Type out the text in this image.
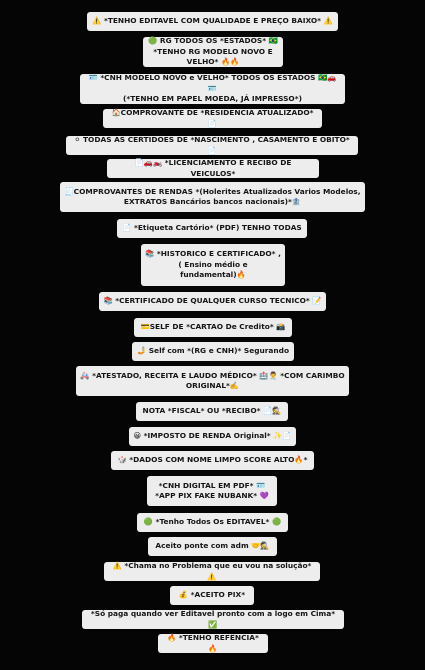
⚠️ *TENHO EDITAVEL COM QUALIDADE E PREÇO BAIXO* ⚠️
🟢 RG TODOS OS *ESTADOS* 🇧🇷
*TENHO RG MODELO NOVO E VELHO* 🔥🔥
🪪 *CNH MODELO NOVO e VELHO* TODOS OS ESTADOS 🇧🇷🚗🪪
(*TENHO EM PAPEL MOEDA, JÁ IMPRESSO*)
🏠COMPROVANTE DE *RESIDENCIA ATUALIZADO*📄
⚪ TODAS AS CERTIDÕES DE *NASCIMENTO , CASAMENTO E OBITO* 📄
📄🚗🏍️ *LICENCIAMENTO E RECIBO DE VEICULOS*
🧾COMPROVANTES DE RENDAS *(Holerites Atualizados Varios Modelos,
EXTRATOS Bancários bancos nacionais)*🏦
📄 *Etiqueta Cartório* (PDF) TENHO TODAS
📚 *HISTORICO E CERTIFICADO* ,
( Ensino médio e
fundamental)🔥
📚 *CERTIFICADO DE QUALQUER CURSO TECNICO* 📝
💳SELF DE *CARTAO De Credito* 📸
🤳 Self com *(RG e CNH)* Segurando
🚑 *ATESTADO, RECEITA E LAUDO MÉDICO* 🏥👨‍⚕️ *COM CARIMBO
ORIGINAL*✍️
NOTA *FISCAL* OU *RECIBO* 📄🕵️
😀 *IMPOSTO DE RENDA Original* ✨📄
🎲 *DADOS COM NOME LIMPO SCORE ALTO🔥*
*CNH DIGITAL EM PDF* 🪪
*APP PIX FAKE NUBANK* 💜
🟢 *Tenho Todos Os EDITAVEL* 🟢
Aceito ponte com adm 🤝🕵️
⚠️ *Chama no Problema que eu vou na solução* ⚠️
💰 *ACEITO PIX*
*Só paga quando ver Editavel pronto com a logo em Cima* ✅
🔥 *TENHO REFÊNCIA* 🔥
